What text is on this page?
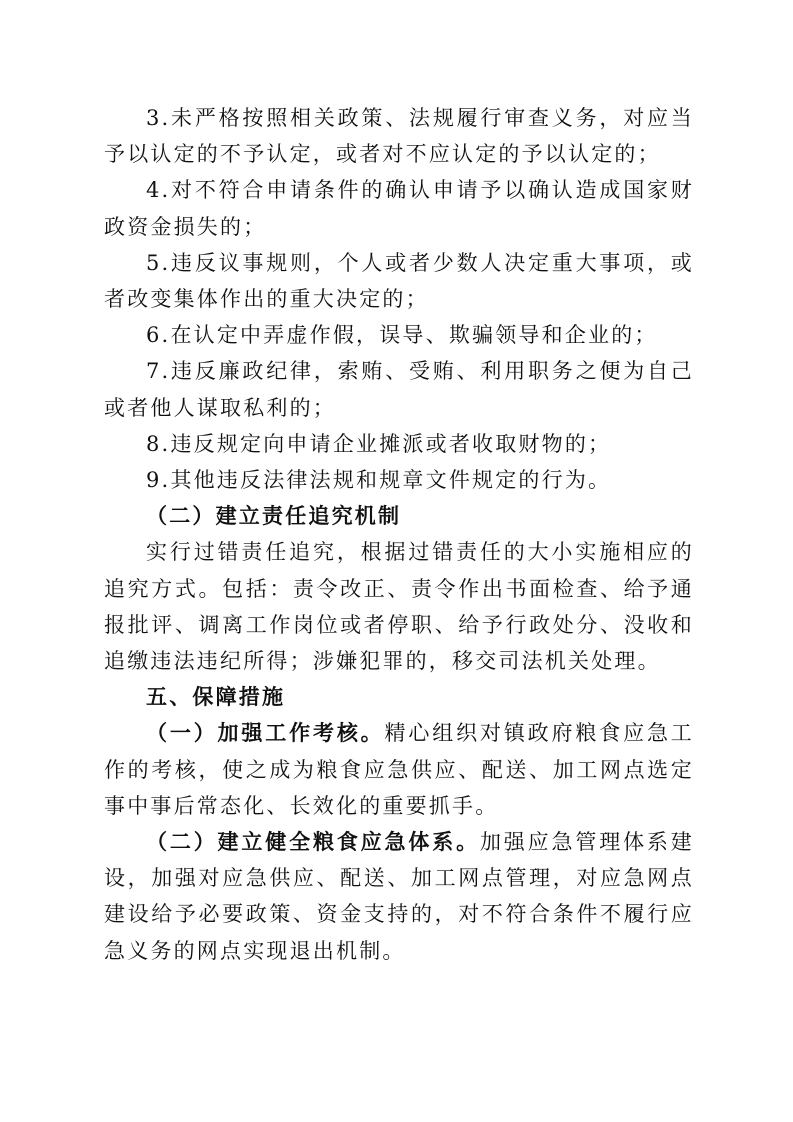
3.未严格按照相关政策、法规履行审查义务，对应当予以认定的不予认定，或者对不应认定的予以认定的；

4.对不符合申请条件的确认申请予以确认造成国家财政资金损失的；

5.违反议事规则，个人或者少数人决定重大事项，或者改变集体作出的重大决定的；

6.在认定中弄虚作假，误导、欺骗领导和企业的；

7.违反廉政纪律，索贿、受贿、利用职务之便为自己或者他人谋取私利的；

8.违反规定向申请企业摊派或者收取财物的；

9.其他违反法律法规和规章文件规定的行为。

（二）建立责任追究机制

实行过错责任追究，根据过错责任的大小实施相应的追究方式。包括：责令改正、责令作出书面检查、给予通报批评、调离工作岗位或者停职、给予行政处分、没收和追缴违法违纪所得；涉嫌犯罪的，移交司法机关处理。

五、保障措施

（一）加强工作考核。精心组织对镇政府粮食应急工作的考核，使之成为粮食应急供应、配送、加工网点选定事中事后常态化、长效化的重要抓手。

（二）建立健全粮食应急体系。加强应急管理体系建设，加强对应急供应、配送、加工网点管理，对应急网点建设给予必要政策、资金支持的，对不符合条件不履行应急义务的网点实现退出机制。
